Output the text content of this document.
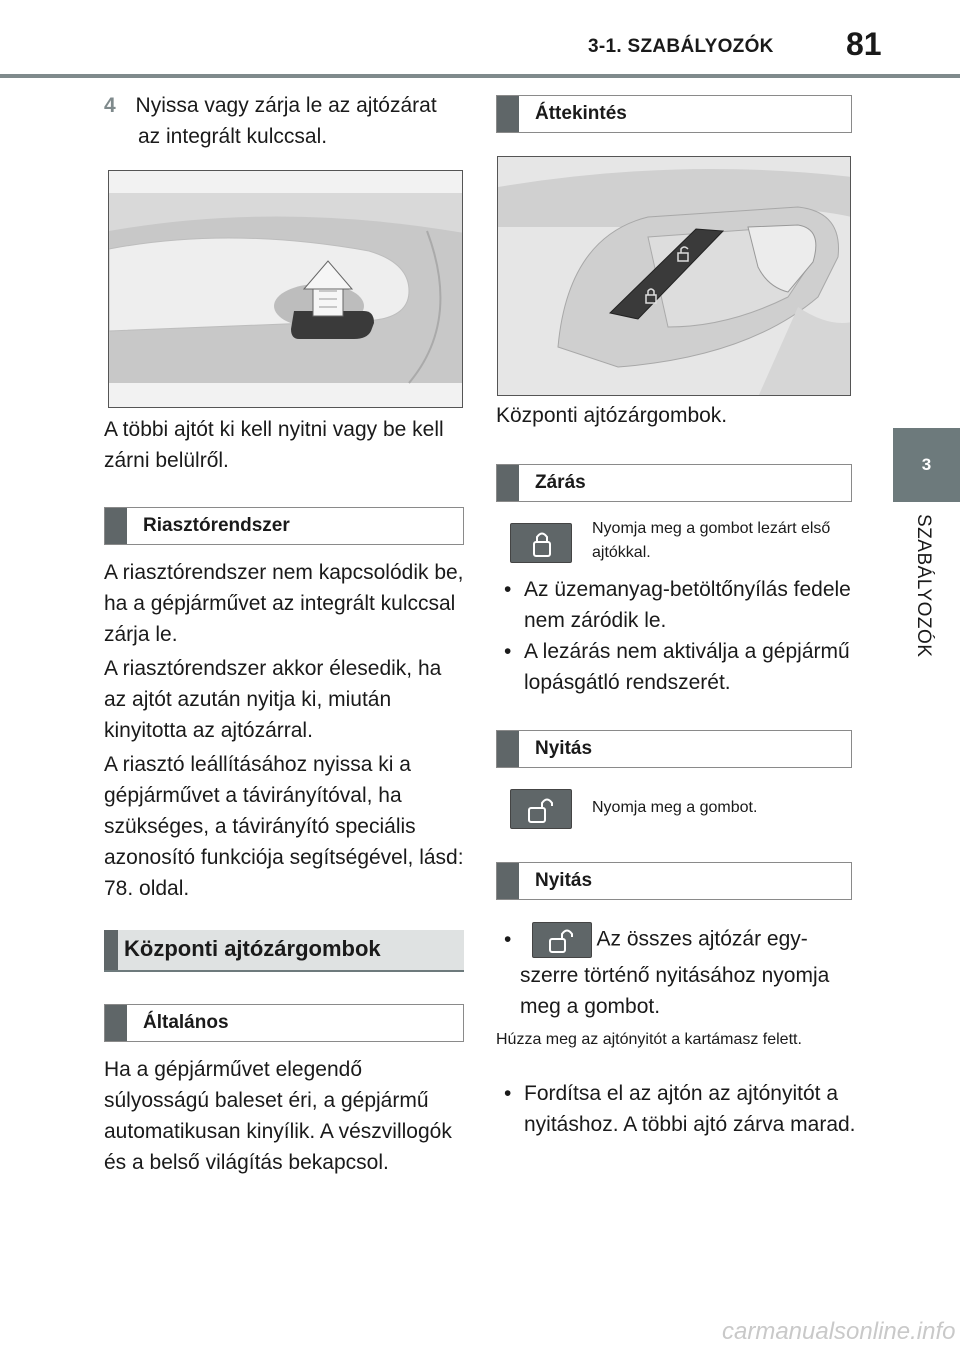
3-1. SZABÁLYOZÓK 81
3
SZABÁLYOZÓK
4 Nyissa vagy zárja le az ajtózárat
az integrált kulccsal.

A többi ajtót ki kell nyitni vagy be kell zárni belülről.

Riasztórendszer

A riasztórendszer nem kapcsolódik be, ha a gépjárművet az integrált kulccsal zárja le.

A riasztórendszer akkor élesedik, ha az ajtót azután nyitja ki, miután kinyitotta az ajtózárral.

A riasztó leállításához nyissa ki a gépjárművet a távirányítóval, ha szükséges, a távirányító speciális azonosító funkciója segítségével, lásd: 78. oldal.

Központi ajtózárgombok
Általános

Ha a gépjárművet elegendő súlyosságú baleset éri, a gépjármű automatikusan kinyílik. A vészvillogók és a belső világítás bekapcsol.

Áttekintés

Központi ajtózárgombok.

Zárás
Nyomja meg a gombot lezárt első ajtókkal.
• Az üzemanyag-betöltőnyílás fedele nem záródik le.
• A lezárás nem aktiválja a gépjármű lopásgátló rendszerét.
Nyitás
Nyomja meg a gombot.
Nyitás
•	Az összes ajtózár egy-
szerre történő nyitásához nyomja meg a gombot.
Húzza meg az ajtónyitót a kartámasz felett.
• Fordítsa el az ajtón az ajtónyitót a nyitáshoz. A többi ajtó zárva marad.
carmanualsonline.info
